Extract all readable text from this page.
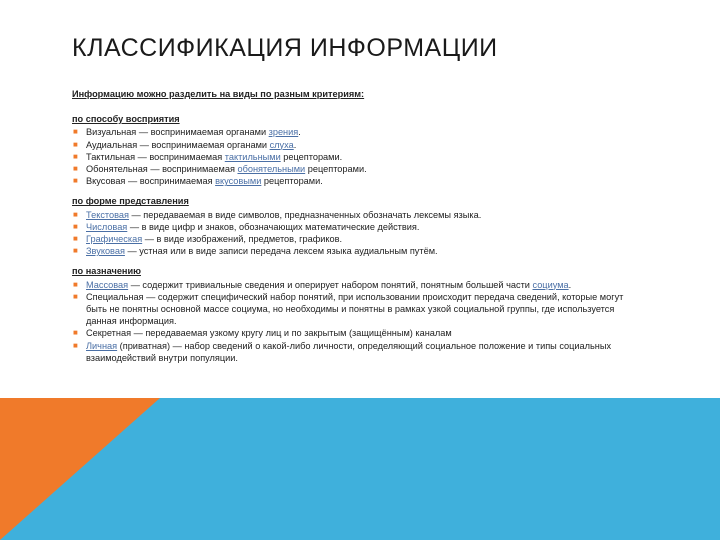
КЛАССИФИКАЦИЯ ИНФОРМАЦИИ
Информацию можно разделить на виды по разным критериям:
по способу восприятия
■ Визуальная — воспринимаемая органами зрения.
■ Аудиальная — воспринимаемая органами слуха.
■ Тактильная — воспринимаемая тактильными рецепторами.
■ Обонятельная — воспринимаемая обонятельными рецепторами.
■ Вкусовая — воспринимаемая вкусовыми рецепторами.
по форме представления
■ Текстовая — передаваемая в виде символов, предназначенных обозначать лексемы языка.
■ Числовая — в виде цифр и знаков, обозначающих математические действия.
■ Графическая — в виде изображений, предметов, графиков.
■ Звуковая — устная или в виде записи передача лексем языка аудиальным путём.
по назначению
■ Массовая — содержит тривиальные сведения и оперирует набором понятий, понятным большей части социума.
■ Специальная — содержит специфический набор понятий, при использовании происходит передача сведений, которые могут быть не понятны основной массе социума, но необходимы и понятны в рамках узкой социальной группы, где используется данная информация.
■ Секретная — передаваемая узкому кругу лиц и по закрытым (защищённым) каналам
■ Личная (приватная) — набор сведений о какой-либо личности, определяющий социальное положение и типы социальных взаимодействий внутри популяции.
